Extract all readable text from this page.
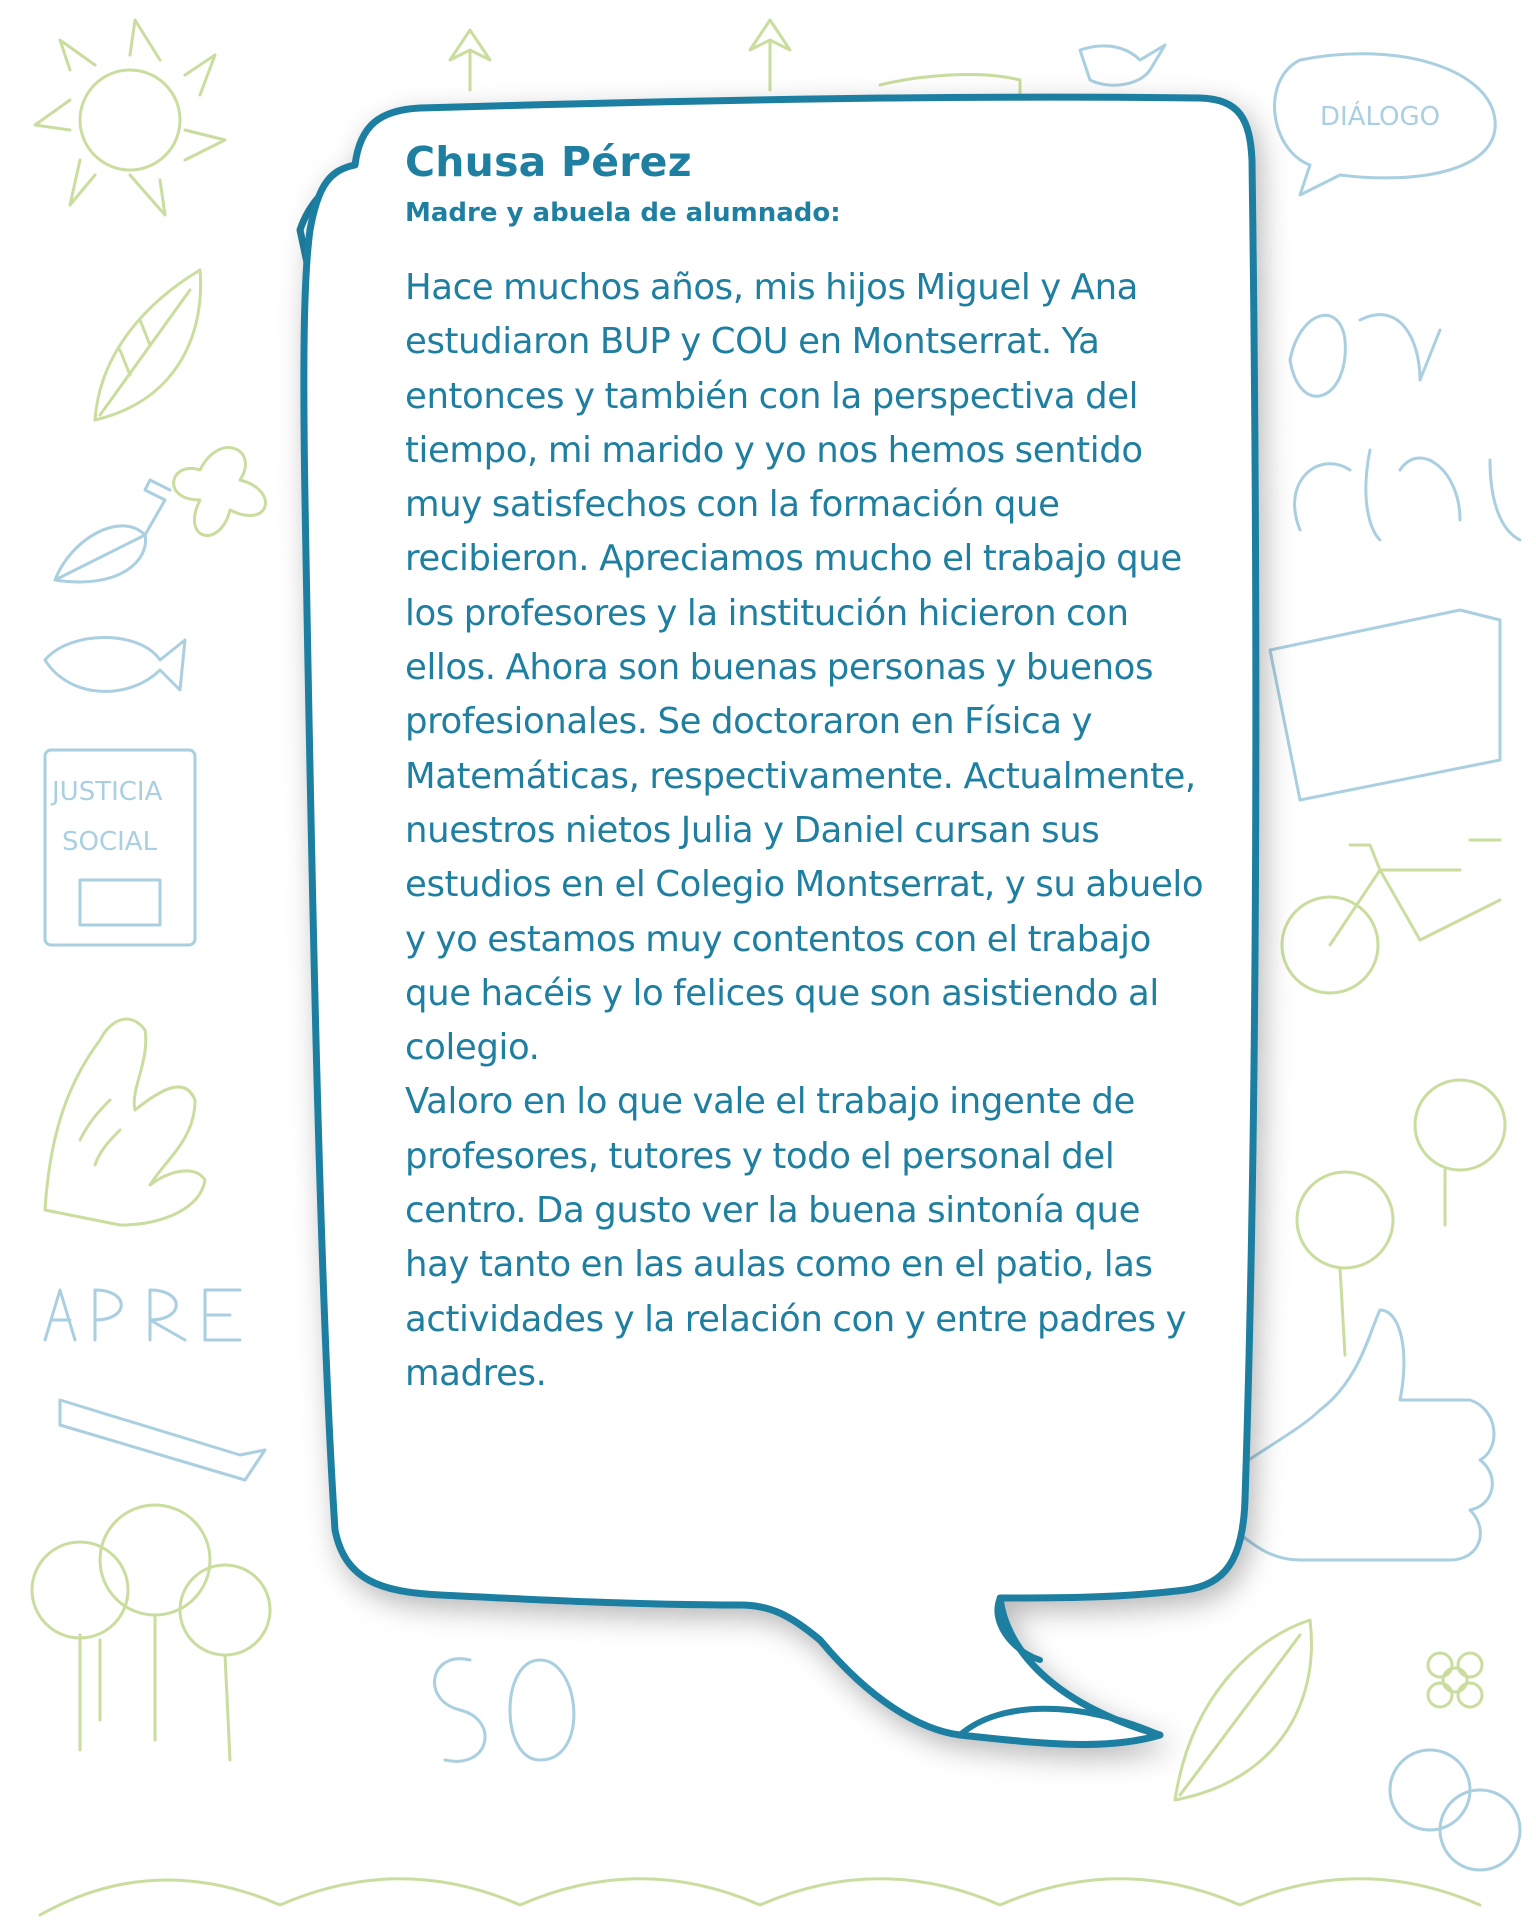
DIÁLOGO
JUSTICIA
SOCIAL
Chusa Pérez
Madre y abuela de alumnado:

Hace muchos años, mis hijos Miguel y Ana estudiaron BUP y COU en Montserrat. Ya entonces y también con la perspectiva del tiempo, mi marido y yo nos hemos sentido muy satisfechos con la formación que recibieron. Apreciamos mucho el trabajo que los profesores y la institución hicieron con ellos. Ahora son buenas personas y buenos profesionales. Se doctoraron en Física y Matemáticas, respectivamente. Actualmente, nuestros nietos Julia y Daniel cursan sus estudios en el Colegio Montserrat, y su abuelo y yo estamos muy contentos con el trabajo que hacéis y lo felices que son asistiendo al colegio.

Valoro en lo que vale el trabajo ingente de profesores, tutores y todo el personal del centro. Da gusto ver la buena sintonía que hay tanto en las aulas como en el patio, las actividades y la relación con y entre padres y madres.
